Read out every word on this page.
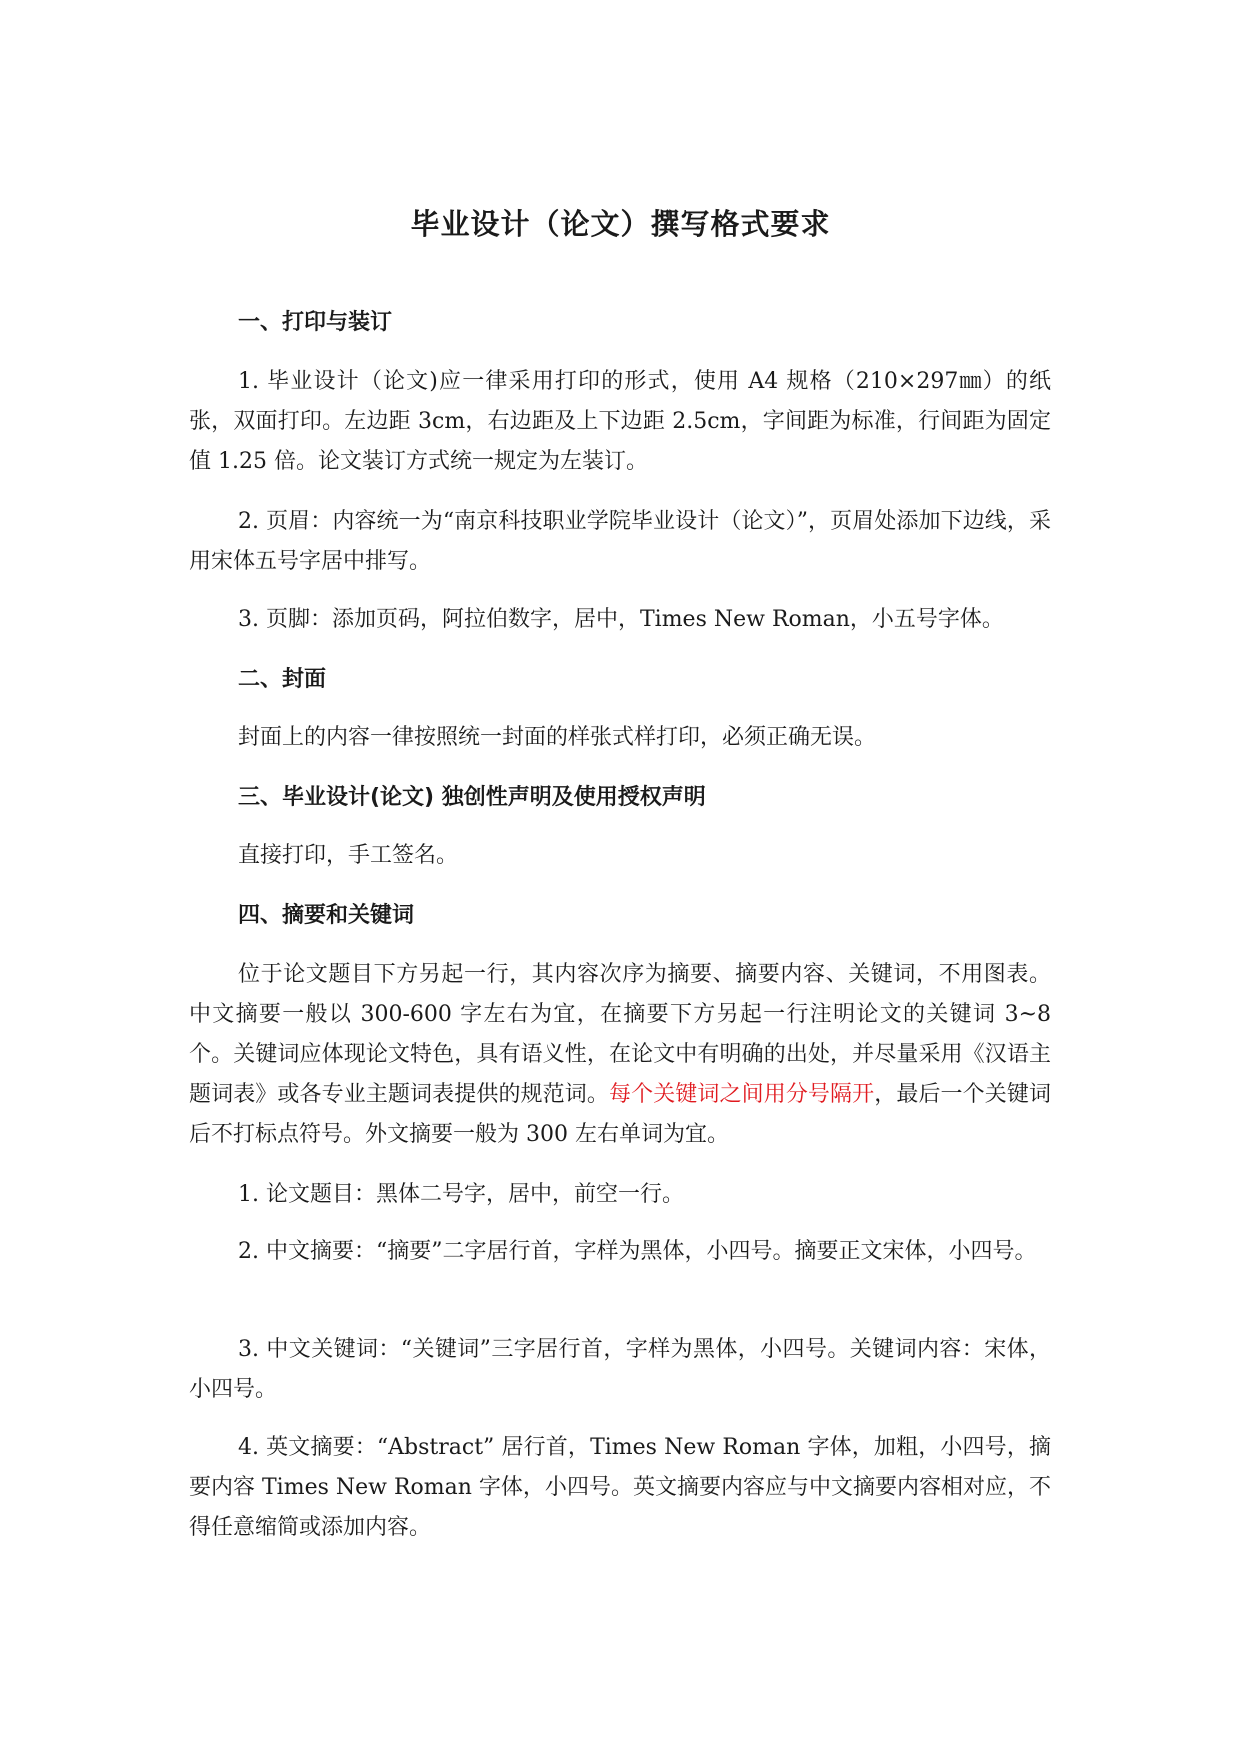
毕业设计（论文）撰写格式要求
一、打印与装订
1. 毕业设计（论文)应一律采用打印的形式，使用 A4 规格（210×297㎜）的纸张，双面打印。左边距 3cm，右边距及上下边距 2.5cm，字间距为标准，行间距为固定值 1.25 倍。论文装订方式统一规定为左装订。
2. 页眉：内容统一为“南京科技职业学院毕业设计（论文）”，页眉处添加下边线，采用宋体五号字居中排写。
3. 页脚：添加页码，阿拉伯数字，居中，Times New Roman，小五号字体。
二、封面
封面上的内容一律按照统一封面的样张式样打印，必须正确无误。
三、毕业设计(论文) 独创性声明及使用授权声明
直接打印，手工签名。
四、摘要和关键词
位于论文题目下方另起一行，其内容次序为摘要、摘要内容、关键词，不用图表。中文摘要一般以 300-600 字左右为宜，在摘要下方另起一行注明论文的关键词 3~8 个。关键词应体现论文特色，具有语义性，在论文中有明确的出处，并尽量采用《汉语主题词表》或各专业主题词表提供的规范词。每个关键词之间用分号隔开，最后一个关键词后不打标点符号。外文摘要一般为 300 左右单词为宜。
1. 论文题目：黑体二号字，居中，前空一行。
2. 中文摘要：“摘要”二字居行首，字样为黑体，小四号。摘要正文宋体，小四号。
3. 中文关键词：“关键词”三字居行首，字样为黑体，小四号。关键词内容：宋体，小四号。
4. 英文摘要：“Abstract” 居行首，Times New Roman 字体，加粗，小四号，摘要内容 Times New Roman 字体，小四号。英文摘要内容应与中文摘要内容相对应，不得任意缩简或添加内容。
